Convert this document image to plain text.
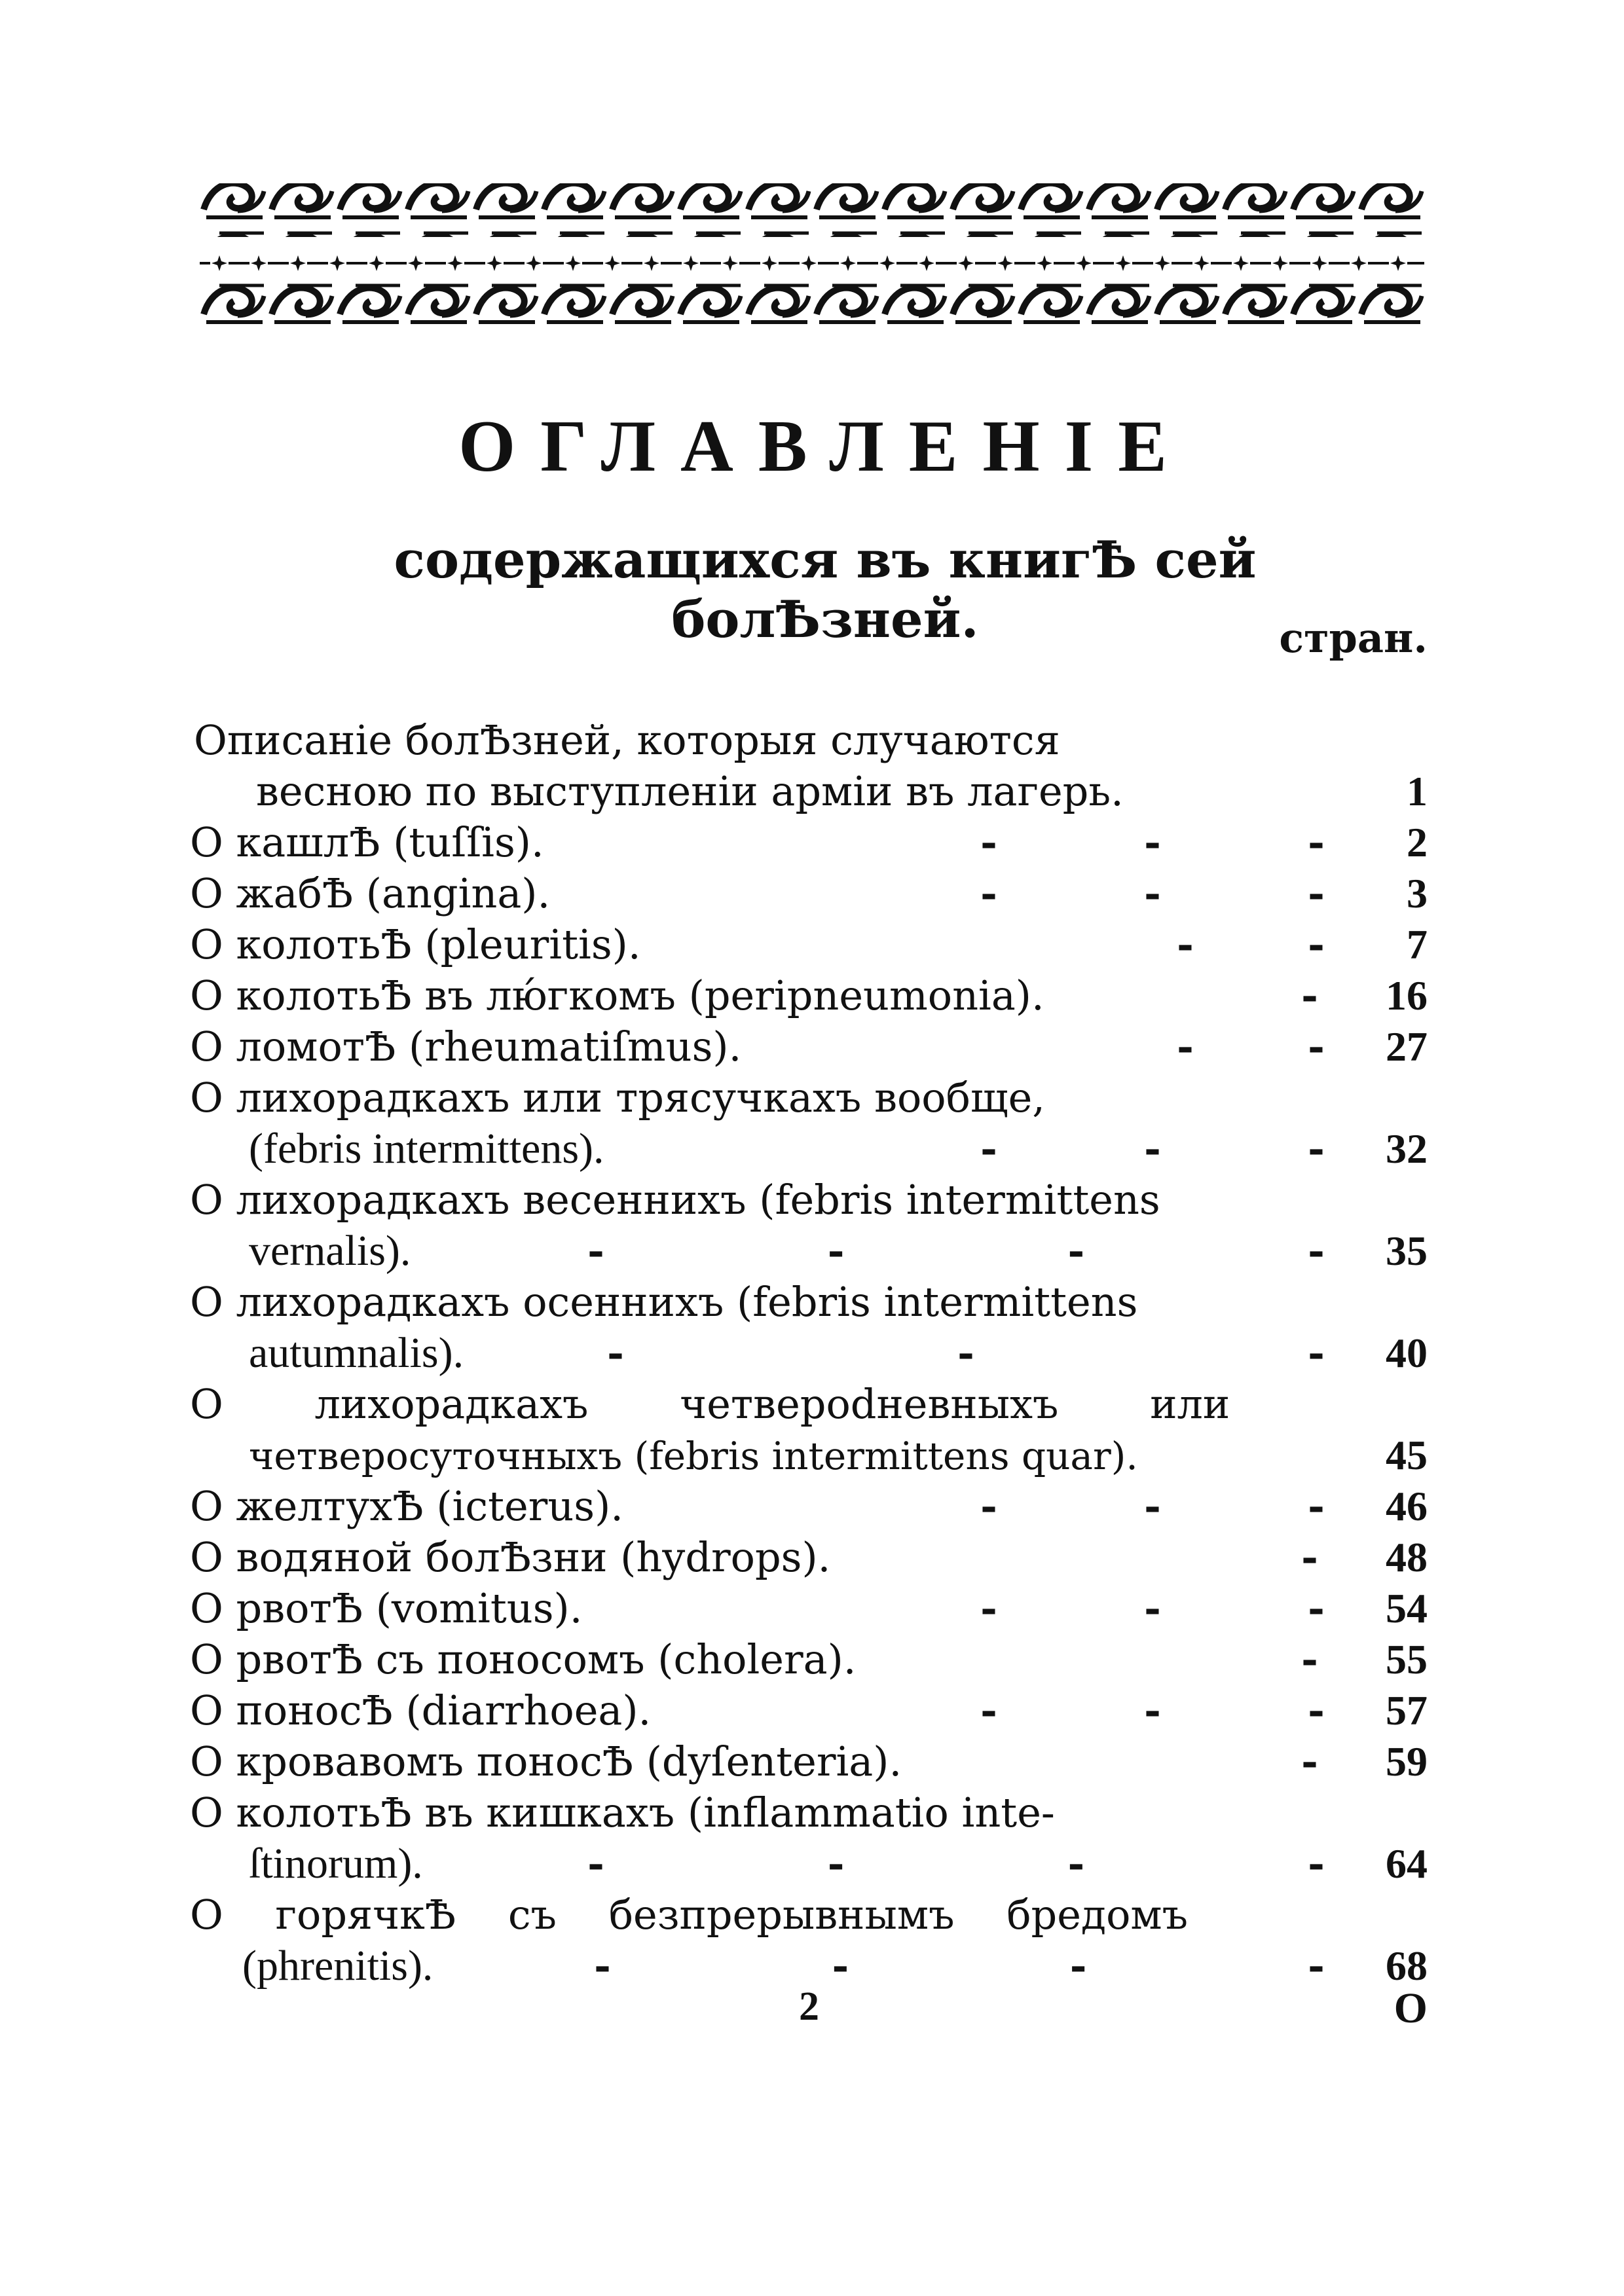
ОГЛАВЛЕНІЕ
содержащихся въ книгѢ сей болѢзней.	стран.
Описаніе болѢзней, которыя случаются
весною по выступленіи арміи въ лагерь.	1
О кашлѢ (tuſſis).	-	-	-	2
О жабѢ (angina).	-	-	-	3
О колотьѢ (pleuritis).	-	-	7
О колотьѢ въ лю́гкомъ (peripneumonia).	-	16
О ломотѢ (rheumatiſmus).	-	-	27
О лихорадкахъ или трясучкахъ вообще,
(febris intermittens).	-	-	-	32
О лихорадкахъ весеннихъ (febris intermittens
vernalis).	-	-	-	-	35
О лихорадкахъ осеннихъ (febris intermittens
autumnalis).	-	-	-	40
О лихорадкахъ четвероdневныхъ или
четверосуточныхъ (febris intermittens quar).	45
О желтухѢ (icterus).	-	-	-	46
О водяной болѢзни (hydrops).	-	48
О рвотѢ (vomitus).	-	-	-	54
О рвотѢ съ поносомъ (cholera).	-	55
О поносѢ (diarrhoea).	-	-	-	57
О кровавомъ поносѢ (dyſenteria).	-	59
О колотьѢ въ кишкахъ (inflammatio inte-
ſtinorum).	-	-	-	-	64
О горячкѢ съ безпрерывнымъ бредомъ
(phrenitis).	-	-	-	-	68
2	О
